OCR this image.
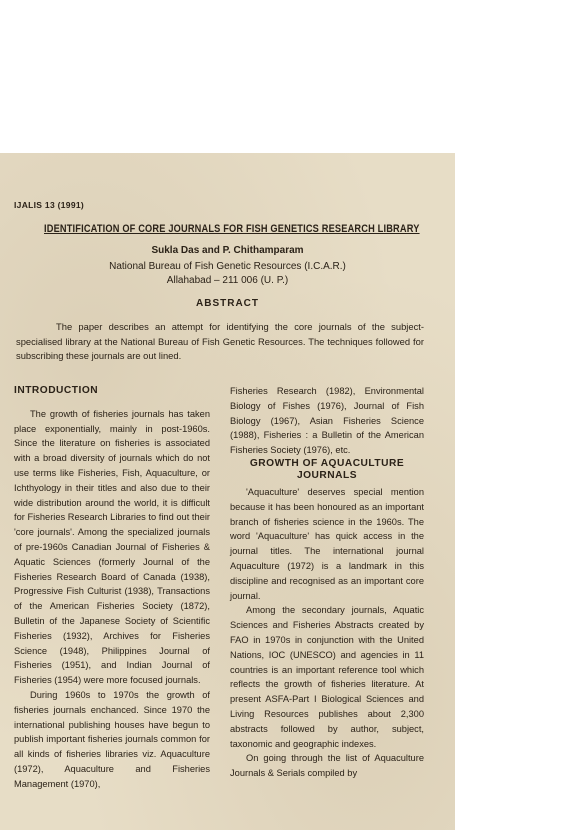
IJALIS 13 (1991)
IDENTIFICATION OF CORE JOURNALS FOR FISH GENETICS RESEARCH LIBRARY
Sukla Das and P. Chithamparam
National Bureau of Fish Genetic Resources (I.C.A.R.)
Allahabad – 211 006 (U. P.)
ABSTRACT
The paper describes an attempt for identifying the core journals of the subject-specialised library at the National Bureau of Fish Genetic Resources. The techniques followed for subscribing these journals are out lined.
INTRODUCTION

The growth of fisheries journals has taken place exponentially, mainly in post-1960s. Since the literature on fisheries is associated with a broad diversity of journals which do not use terms like Fisheries, Fish, Aquaculture, or Ichthyology in their titles and also due to their wide distribution around the world, it is difficult for Fisheries Research Libraries to find out their 'core journals'. Among the specialized journals of pre-1960s Canadian Journal of Fisheries & Aquatic Sciences (formerly Journal of the Fisheries Research Board of Canada (1938), Progressive Fish Culturist (1938), Transactions of the American Fisheries Society (1872), Bulletin of the Japanese Society of Scientific Fisheries (1932), Archives for Fisheries Science (1948), Philippines Journal of Fisheries (1951), and Indian Journal of Fisheries (1954) were more focused journals.

During 1960s to 1970s the growth of fisheries journals enchanced. Since 1970 the international publishing houses have begun to publish important fisheries journals common for all kinds of fisheries libraries viz. Aquaculture (1972), Aquaculture and Fisheries Management (1970),

Fisheries Research (1982), Environmental Biology of Fishes (1976), Journal of Fish Biology (1967), Asian Fisheries Science (1988), Fisheries : a Bulletin of the American Fisheries Society (1976), etc.

GROWTH OF AQUACULTURE
JOURNALS

'Aquaculture' deserves special mention because it has been honoured as an important branch of fisheries science in the 1960s. The word 'Aquaculture' has quick access in the journal titles. The international journal Aquaculture (1972) is a landmark in this discipline and recognised as an important core journal.

Among the secondary journals, Aquatic Sciences and Fisheries Abstracts created by FAO in 1970s in conjunction with the United Nations, IOC (UNESCO) and agencies in 11 countries is an important reference tool which reflects the growth of fisheries literature. At present ASFA-Part I Biological Sciences and Living Resources publishes about 2,300 abstracts followed by author, subject, taxonomic and geographic indexes.

On going through the list of Aquaculture Journals & Serials compiled by
